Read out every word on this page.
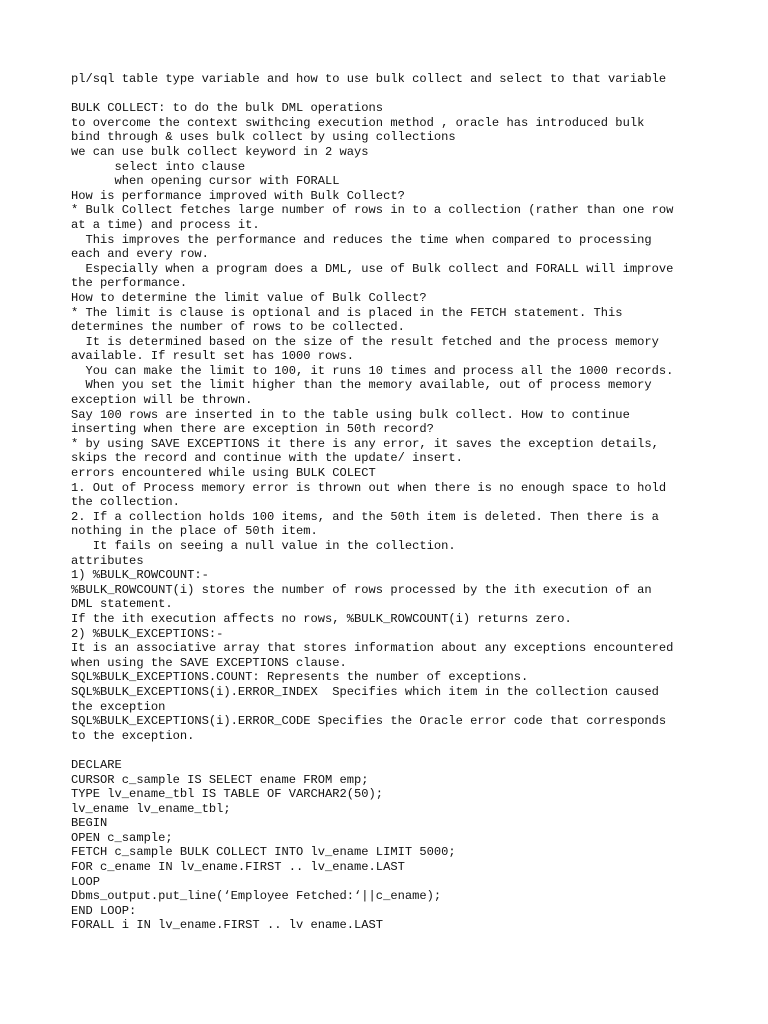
pl/sql table type variable and how to use bulk collect and select to that variable
BULK COLLECT: to do the bulk DML operations
to overcome the context swithcing execution method , oracle has introduced bulk
bind through & uses bulk collect by using collections
we can use bulk collect keyword in 2 ways
select into clause
when opening cursor with FORALL
How is performance improved with Bulk Collect?
* Bulk Collect fetches large number of rows in to a collection (rather than one row
at a time) and process it.
This improves the performance and reduces the time when compared to processing
each and every row.
Especially when a program does a DML, use of Bulk collect and FORALL will improve
the performance.
How to determine the limit value of Bulk Collect?
* The limit is clause is optional and is placed in the FETCH statement. This
determines the number of rows to be collected.
It is determined based on the size of the result fetched and the process memory
available. If result set has 1000 rows.
You can make the limit to 100, it runs 10 times and process all the 1000 records.
When you set the limit higher than the memory available, out of process memory
exception will be thrown.
Say 100 rows are inserted in to the table using bulk collect. How to continue
inserting when there are exception in 50th record?
* by using SAVE EXCEPTIONS it there is any error, it saves the exception details,
skips the record and continue with the update/ insert.
errors encountered while using BULK COLECT
1. Out of Process memory error is thrown out when there is no enough space to hold
the collection.
2. If a collection holds 100 items, and the 50th item is deleted. Then there is a
nothing in the place of 50th item.
It fails on seeing a null value in the collection.
attributes
1) %BULK_ROWCOUNT:-
%BULK_ROWCOUNT(i) stores the number of rows processed by the ith execution of an
DML statement.
If the ith execution affects no rows, %BULK_ROWCOUNT(i) returns zero.
2) %BULK_EXCEPTIONS:-
It is an associative array that stores information about any exceptions encountered
when using the SAVE EXCEPTIONS clause.
SQL%BULK_EXCEPTIONS.COUNT: Represents the number of exceptions.
SQL%BULK_EXCEPTIONS(i).ERROR_INDEX  Specifies which item in the collection caused
the exception
SQL%BULK_EXCEPTIONS(i).ERROR_CODE Specifies the Oracle error code that corresponds
to the exception.
DECLARE
CURSOR c_sample IS SELECT ename FROM emp;
TYPE lv_ename_tbl IS TABLE OF VARCHAR2(50);
lv_ename lv_ename_tbl;
BEGIN
OPEN c_sample;
FETCH c_sample BULK COLLECT INTO lv_ename LIMIT 5000;
FOR c_ename IN lv_ename.FIRST .. lv_ename.LAST
LOOP
Dbms_output.put_line(‘Employee Fetched:‘||c_ename);
END LOOP:
FORALL i IN lv_ename.FIRST .. lv ename.LAST
